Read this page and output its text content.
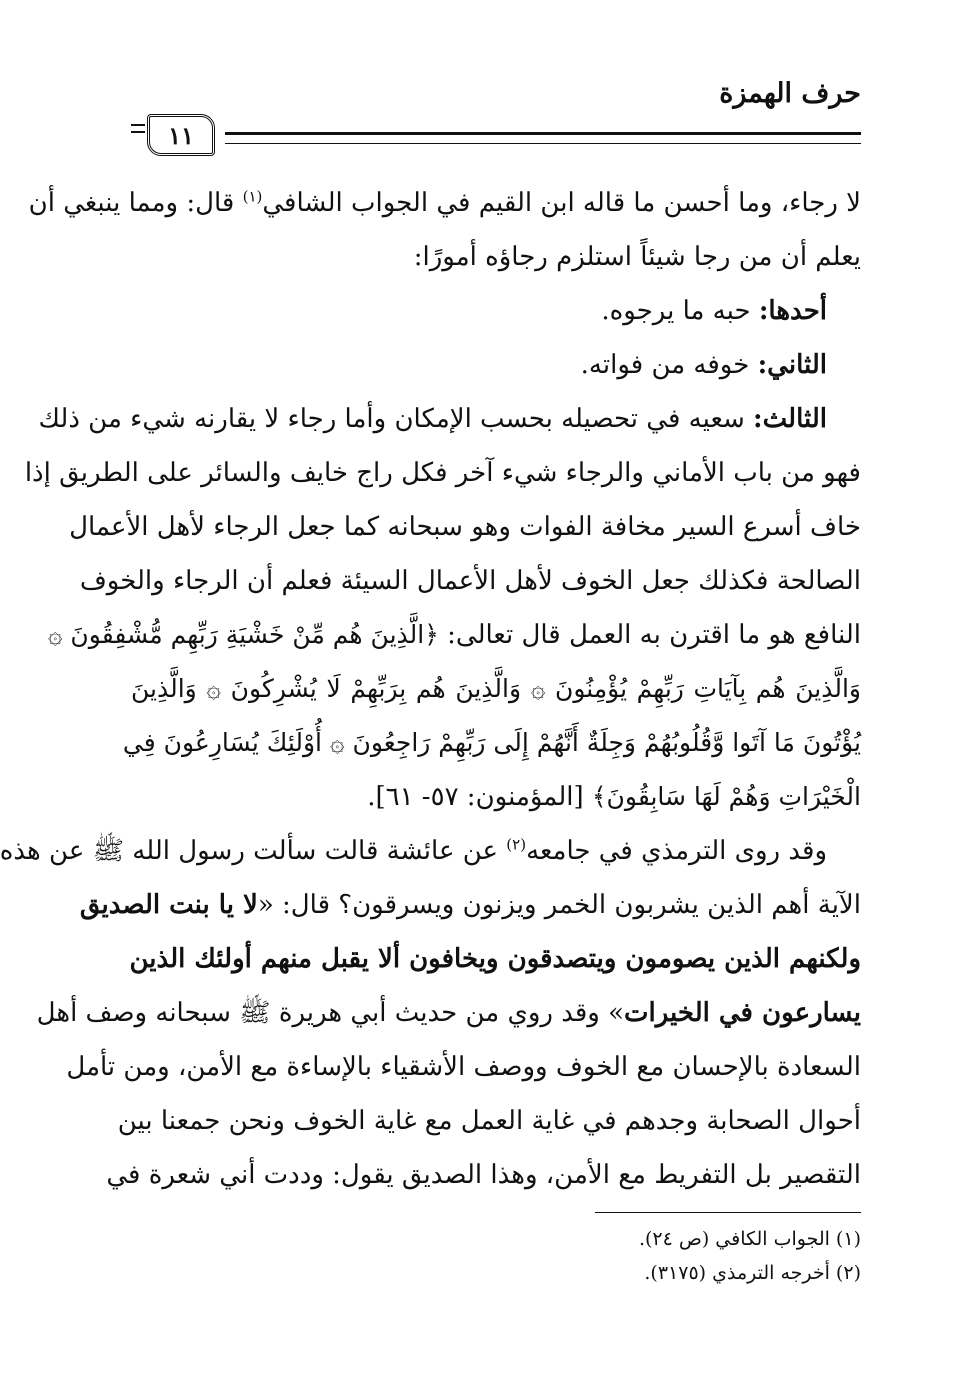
حرف الهمزة
١١
لا رجاء، وما أحسن ما قاله ابن القيم في الجواب الشافي$^{(١)}$ قال: ومما ينبغي أن
يعلم أن من رجا شيئاً استلزم رجاؤه أمورًا:
أحدها: حبه ما يرجوه.
الثاني: خوفه من فواته.
الثالث: سعيه في تحصيله بحسب الإمكان وأما رجاء لا يقارنه شيء من ذلك
فهو من باب الأماني والرجاء شيء آخر فكل راج خايف والسائر على الطريق إذا
خاف أسرع السير مخافة الفوات وهو سبحانه كما جعل الرجاء لأهل الأعمال
الصالحة فكذلك جعل الخوف لأهل الأعمال السيئة فعلم أن الرجاء والخوف
النافع هو ما اقترن به العمل قال تعالى: ﴿الَّذِينَ هُم مِّنْ خَشْيَةِ رَبِّهِم مُّشْفِقُونَ ۞
وَالَّذِينَ هُم بِآيَاتِ رَبِّهِمْ يُؤْمِنُونَ ۞ وَالَّذِينَ هُم بِرَبِّهِمْ لَا يُشْرِكُونَ ۞ وَالَّذِينَ
يُؤْتُونَ مَا آتَوا وَّقُلُوبُهُمْ وَجِلَةٌ أَنَّهُمْ إِلَى رَبِّهِمْ رَاجِعُونَ ۞ أُوْلَئِكَ يُسَارِعُونَ فِي
الْخَيْرَاتِ وَهُمْ لَهَا سَابِقُونَ﴾ [المؤمنون: ٥٧- ٦١].
وقد روى الترمذي في جامعه$^{(٢)}$ عن عائشة قالت سألت رسول الله ﷺ عن هذه
الآية أهم الذين يشربون الخمر ويزنون ويسرقون؟ قال: «لا يا بنت الصديق
ولكنهم الذين يصومون ويتصدقون ويخافون ألا يقبل منهم أولئك الذين
يسارعون في الخيرات» وقد روي من حديث أبي هريرة ﷺ سبحانه وصف أهل
السعادة بالإحسان مع الخوف ووصف الأشقياء بالإساءة مع الأمن، ومن تأمل
أحوال الصحابة وجدهم في غاية العمل مع غاية الخوف ونحن جمعنا بين
التقصير بل التفريط مع الأمن، وهذا الصديق يقول: وددت أني شعرة في
(١) الجواب الكافي (ص ٢٤).
(٢) أخرجه الترمذي (٣١٧٥).
